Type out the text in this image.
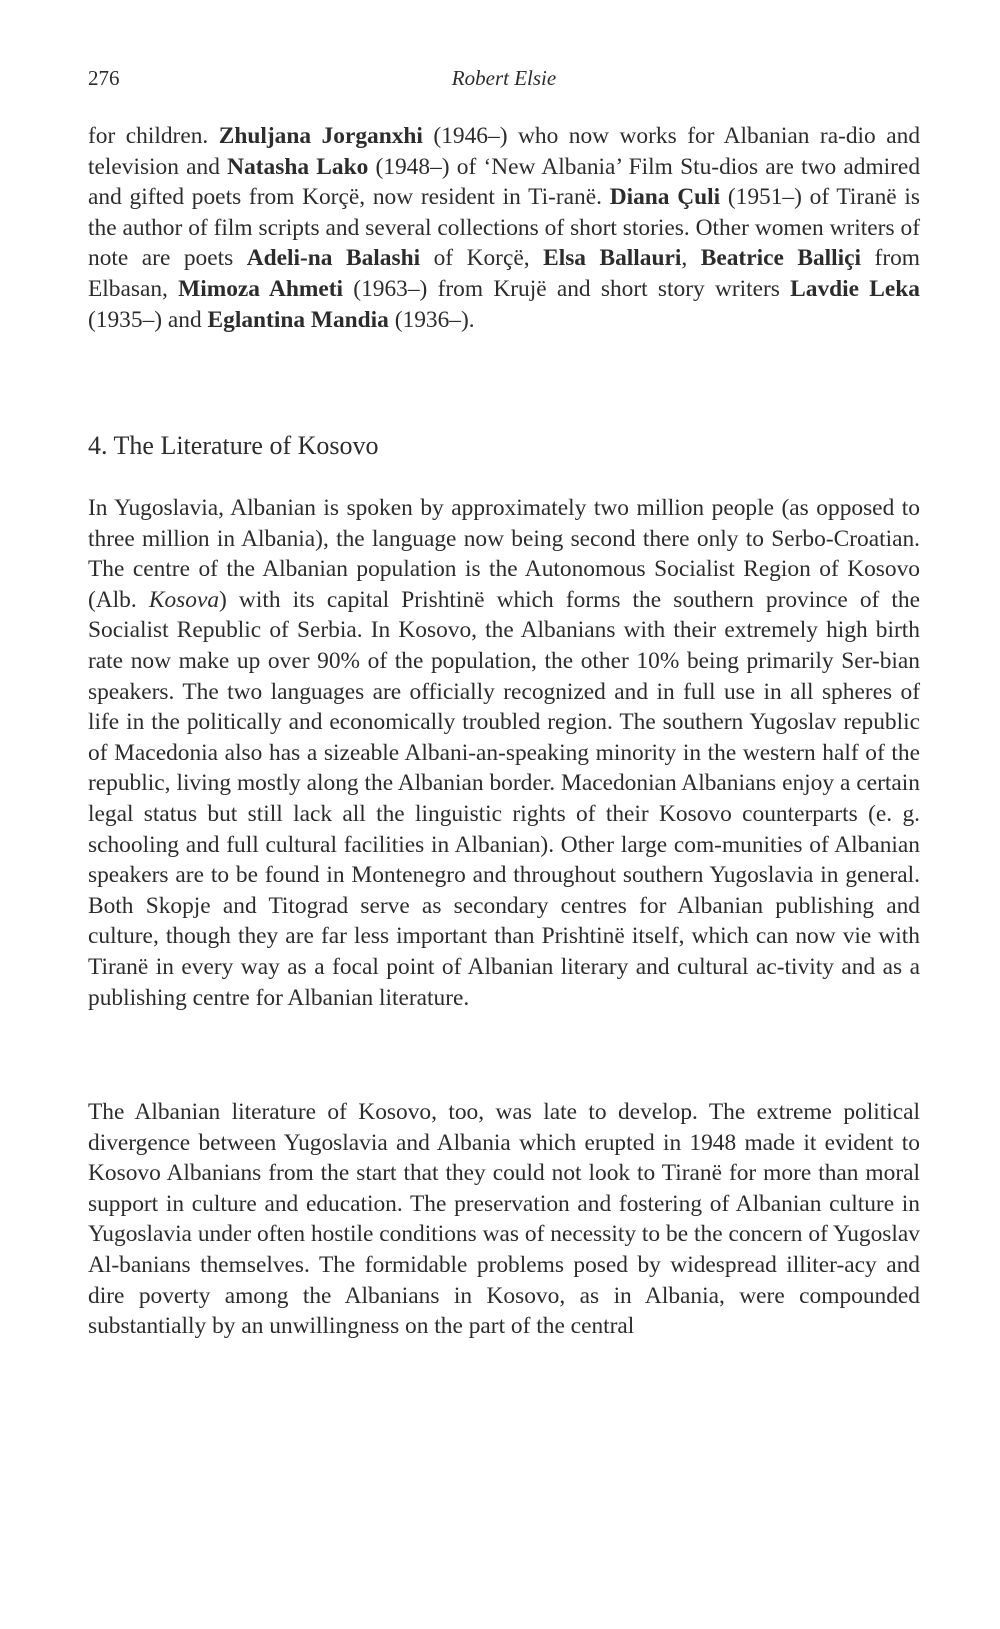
276	Robert Elsie

for children. Zhuljana Jorganxhi (1946–) who now works for Albanian ra-dio and television and Natasha Lako (1948–) of ‘New Albania’ Film Stu-dios are two admired and gifted poets from Korçë, now resident in Ti-ranë. Diana Çuli (1951–) of Tiranë is the author of film scripts and several collections of short stories. Other women writers of note are poets Adeli-na Balashi of Korçë, Elsa Ballauri, Beatrice Balliçi from Elbasan, Mimoza Ahmeti (1963–) from Krujë and short story writers Lavdie Leka (1935–) and Eglantina Mandia (1936–).

4. The Literature of Kosovo

In Yugoslavia, Albanian is spoken by approximately two million people (as opposed to three million in Albania), the language now being second there only to Serbo-Croatian. The centre of the Albanian population is the Autonomous Socialist Region of Kosovo (Alb. Kosova) with its capital Prishtinë which forms the southern province of the Socialist Republic of Serbia. In Kosovo, the Albanians with their extremely high birth rate now make up over 90% of the population, the other 10% being primarily Ser-bian speakers. The two languages are officially recognized and in full use in all spheres of life in the politically and economically troubled region. The southern Yugoslav republic of Macedonia also has a sizeable Albani-an-speaking minority in the western half of the republic, living mostly along the Albanian border. Macedonian Albanians enjoy a certain legal status but still lack all the linguistic rights of their Kosovo counterparts (e. g. schooling and full cultural facilities in Albanian). Other large com-munities of Albanian speakers are to be found in Montenegro and throughout southern Yugoslavia in general. Both Skopje and Titograd serve as secondary centres for Albanian publishing and culture, though they are far less important than Prishtinë itself, which can now vie with Tiranë in every way as a focal point of Albanian literary and cultural ac-tivity and as a publishing centre for Albanian literature.

The Albanian literature of Kosovo, too, was late to develop. The extreme political divergence between Yugoslavia and Albania which erupted in 1948 made it evident to Kosovo Albanians from the start that they could not look to Tiranë for more than moral support in culture and education. The preservation and fostering of Albanian culture in Yugoslavia under often hostile conditions was of necessity to be the concern of Yugoslav Al-banians themselves. The formidable problems posed by widespread illiter-acy and dire poverty among the Albanians in Kosovo, as in Albania, were compounded substantially by an unwillingness on the part of the central
